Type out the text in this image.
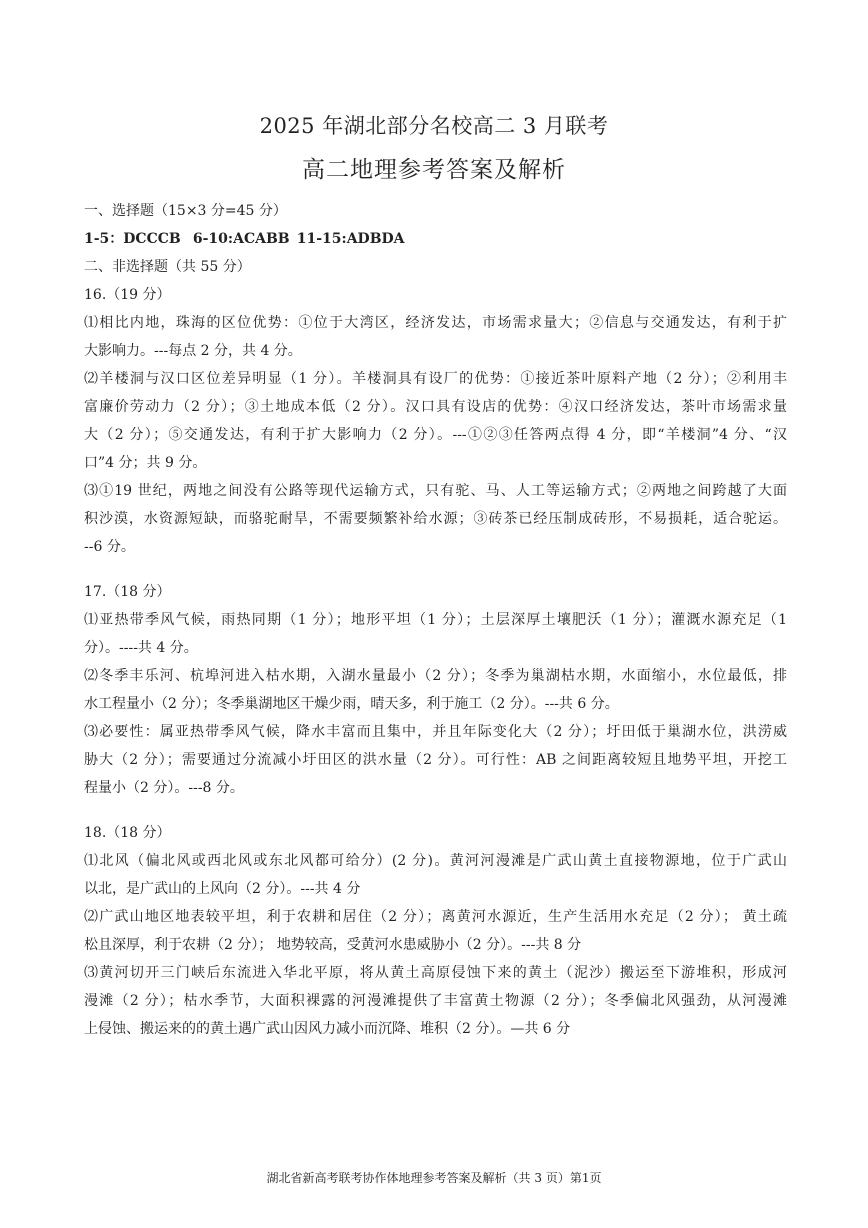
2025 年湖北部分名校高二 3 月联考
高二地理参考答案及解析
一、选择题（15×3 分=45 分）
1-5：DCCCB 6-10:ACABB 11-15:ADBDA
二、非选择题（共 55 分）
16.（19 分）
⑴相比内地，珠海的区位优势：①位于大湾区，经济发达，市场需求量大；②信息与交通发达，有利于扩
大影响力。---每点 2 分，共 4 分。
⑵羊楼洞与汉口区位差异明显（1 分）。羊楼洞具有设厂的优势：①接近茶叶原料产地（2 分）；②利用丰
富廉价劳动力（2 分）；③土地成本低（2 分）。汉口具有设店的优势：④汉口经济发达，茶叶市场需求量
大（2 分）；⑤交通发达，有利于扩大影响力（2 分）。---①②③任答两点得 4 分，即“羊楼洞”4 分、“汉
口”4 分；共 9 分。
⑶①19 世纪，两地之间没有公路等现代运输方式，只有驼、马、人工等运输方式；②两地之间跨越了大面
积沙漠，水资源短缺，而骆驼耐旱，不需要频繁补给水源；③砖茶已经压制成砖形，不易损耗，适合驼运。
--6 分。
17.（18 分）
⑴亚热带季风气候，雨热同期（1 分）；地形平坦（1 分）；土层深厚土壤肥沃（1 分）；灌溉水源充足（1
分）。----共 4 分。
⑵冬季丰乐河、杭埠河进入枯水期，入湖水量最小（2 分）；冬季为巢湖枯水期，水面缩小，水位最低，排
水工程量小（2 分）；冬季巢湖地区干燥少雨，晴天多，利于施工（2 分）。---共 6 分。
⑶必要性：属亚热带季风气候，降水丰富而且集中，并且年际变化大（2 分）；圩田低于巢湖水位，洪涝威
胁大（2 分）；需要通过分流减小圩田区的洪水量（2 分）。可行性：AB 之间距离较短且地势平坦，开挖工
程量小（2 分）。---8 分。
18.（18 分）
⑴北风（偏北风或西北风或东北风都可给分）(2 分)。黄河河漫滩是广武山黄土直接物源地，位于广武山
以北，是广武山的上风向（2 分）。---共 4 分
⑵广武山地区地表较平坦，利于农耕和居住（2 分）；离黄河水源近，生产生活用水充足（2 分）； 黄土疏
松且深厚，利于农耕（2 分）； 地势较高，受黄河水患威胁小（2 分）。---共 8 分
⑶黄河切开三门峡后东流进入华北平原，将从黄土高原侵蚀下来的黄土（泥沙）搬运至下游堆积，形成河
漫滩（2 分）；枯水季节，大面积裸露的河漫滩提供了丰富黄土物源（2 分）；冬季偏北风强劲，从河漫滩
上侵蚀、搬运来的的黄土遇广武山因风力减小而沉降、堆积（2 分）。—共 6 分
湖北省新高考联考协作体地理参考答案及解析（共 3 页）第1页
